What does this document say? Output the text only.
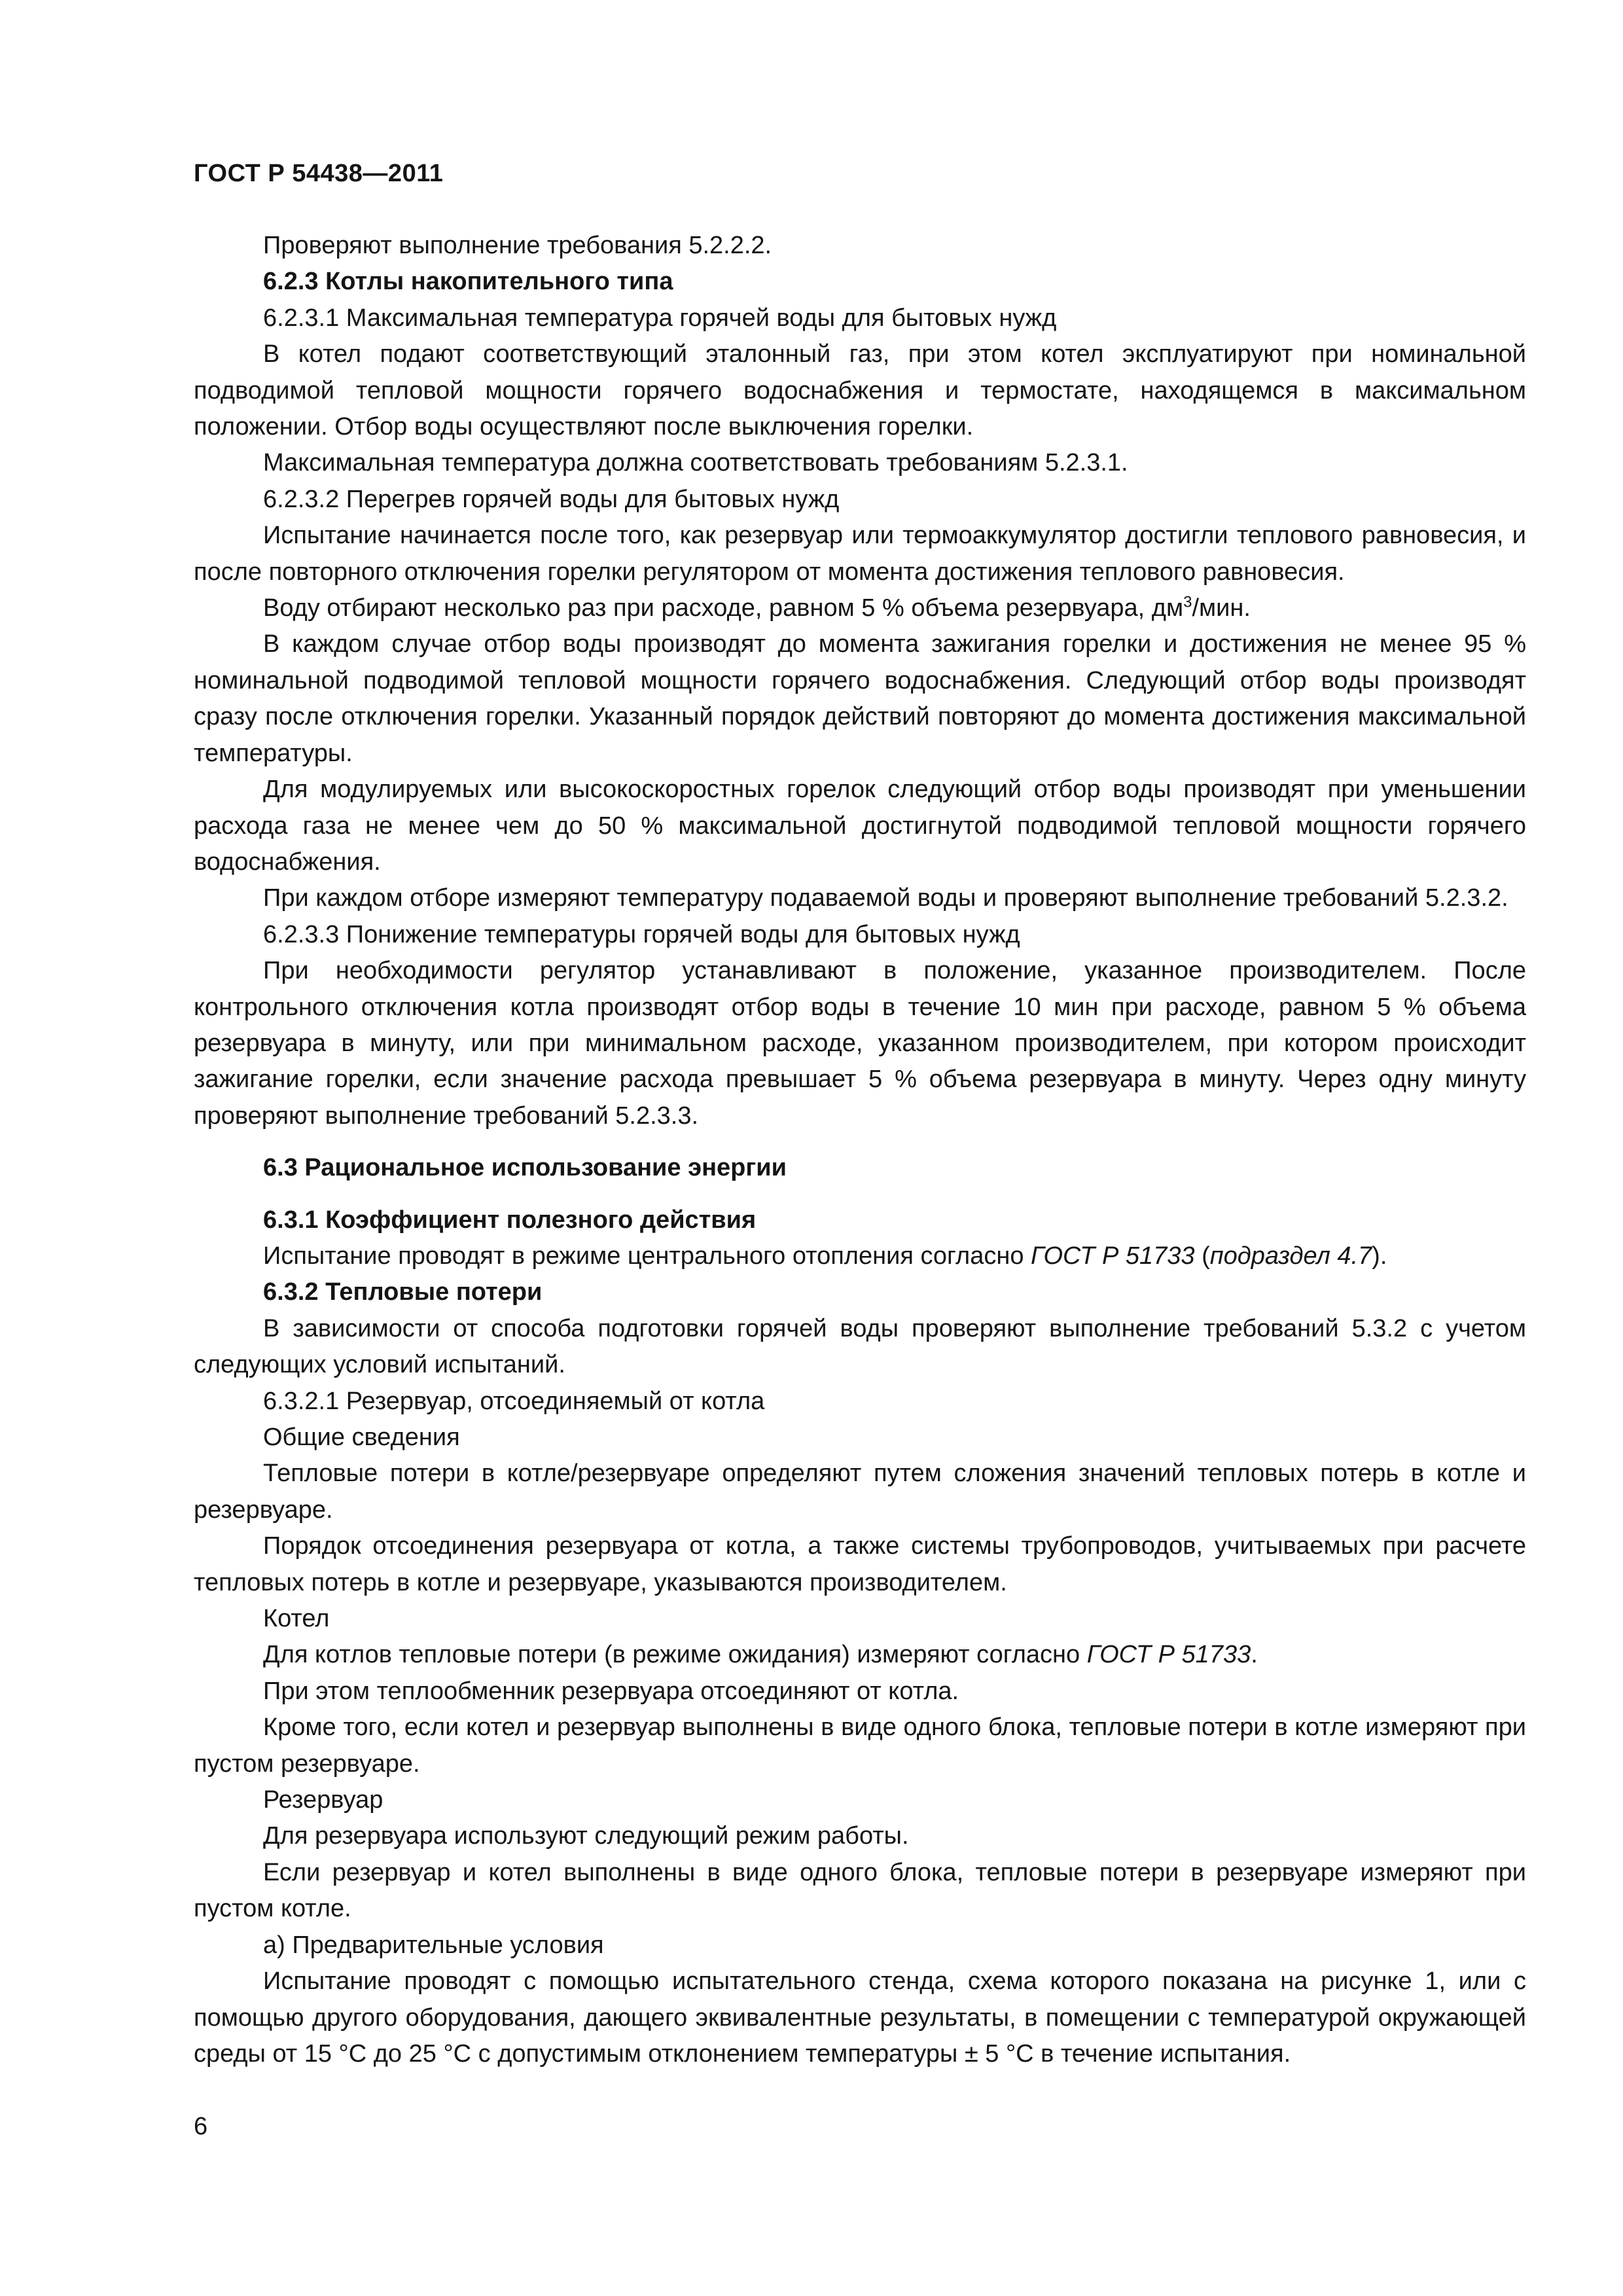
ГОСТ Р 54438—2011

Проверяют выполнение требования 5.2.2.2.

6.2.3 Котлы накопительного типа

6.2.3.1 Максимальная температура горячей воды для бытовых нужд

В котел подают соответствующий эталонный газ, при этом котел эксплуатируют при номинальной подводимой тепловой мощности горячего водоснабжения и термостате, находящемся в максимальном положении. Отбор воды осуществляют после выключения горелки.

Максимальная температура должна соответствовать требованиям 5.2.3.1.

6.2.3.2 Перегрев горячей воды для бытовых нужд

Испытание начинается после того, как резервуар или термоаккумулятор достигли теплового равновесия, и после повторного отключения горелки регулятором от момента достижения теплового равновесия.

Воду отбирают несколько раз при расходе, равном 5 % объема резервуара, $дм^3$/мин.

В каждом случае отбор воды производят до момента зажигания горелки и достижения не менее 95 % номинальной подводимой тепловой мощности горячего водоснабжения. Следующий отбор воды производят сразу после отключения горелки. Указанный порядок действий повторяют до момента достижения максимальной температуры.

Для модулируемых или высокоскоростных горелок следующий отбор воды производят при уменьшении расхода газа не менее чем до 50 % максимальной достигнутой подводимой тепловой мощности горячего водоснабжения.

При каждом отборе измеряют температуру подаваемой воды и проверяют выполнение требований 5.2.3.2.

6.2.3.3 Понижение температуры горячей воды для бытовых нужд

При необходимости регулятор устанавливают в положение, указанное производителем. После контрольного отключения котла производят отбор воды в течение 10 мин при расходе, равном 5 % объема резервуара в минуту, или при минимальном расходе, указанном производителем, при котором происходит зажигание горелки, если значение расхода превышает 5 % объема резервуара в минуту. Через одну минуту проверяют выполнение требований 5.2.3.3.

6.3 Рациональное использование энергии

6.3.1 Коэффициент полезного действия

Испытание проводят в режиме центрального отопления согласно ГОСТ Р 51733 (подраздел 4.7).

6.3.2 Тепловые потери

В зависимости от способа подготовки горячей воды проверяют выполнение требований 5.3.2 с учетом следующих условий испытаний.

6.3.2.1 Резервуар, отсоединяемый от котла

Общие сведения

Тепловые потери в котле/резервуаре определяют путем сложения значений тепловых потерь в котле и резервуаре.

Порядок отсоединения резервуара от котла, а также системы трубопроводов, учитываемых при расчете тепловых потерь в котле и резервуаре, указываются производителем.

Котел

Для котлов тепловые потери (в режиме ожидания) измеряют согласно ГОСТ Р 51733.

При этом теплообменник резервуара отсоединяют от котла.

Кроме того, если котел и резервуар выполнены в виде одного блока, тепловые потери в котле измеряют при пустом резервуаре.

Резервуар

Для резервуара используют следующий режим работы.

Если резервуар и котел выполнены в виде одного блока, тепловые потери в резервуаре измеряют при пустом котле.

а) Предварительные условия

Испытание проводят с помощью испытательного стенда, схема которого показана на рисунке 1, или с помощью другого оборудования, дающего эквивалентные результаты, в помещении с температурой окружающей среды от 15 °C до 25 °C с допустимым отклонением температуры ± 5 °C в течение испытания.

6
